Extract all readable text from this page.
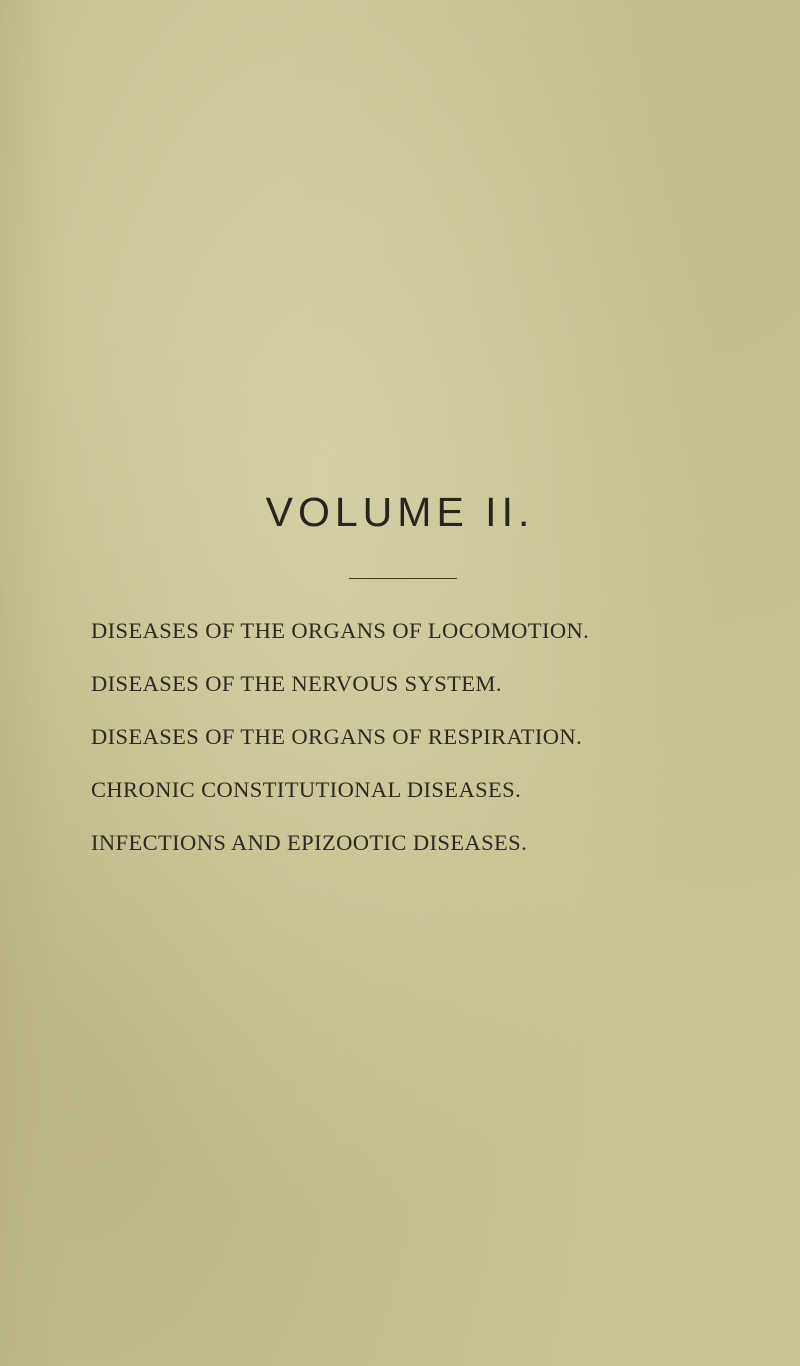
VOLUME II.
DISEASES OF THE ORGANS OF LOCOMOTION.
DISEASES OF THE NERVOUS SYSTEM.
DISEASES OF THE ORGANS OF RESPIRATION.
CHRONIC CONSTITUTIONAL DISEASES.
INFECTIONS AND EPIZOOTIC DISEASES.
